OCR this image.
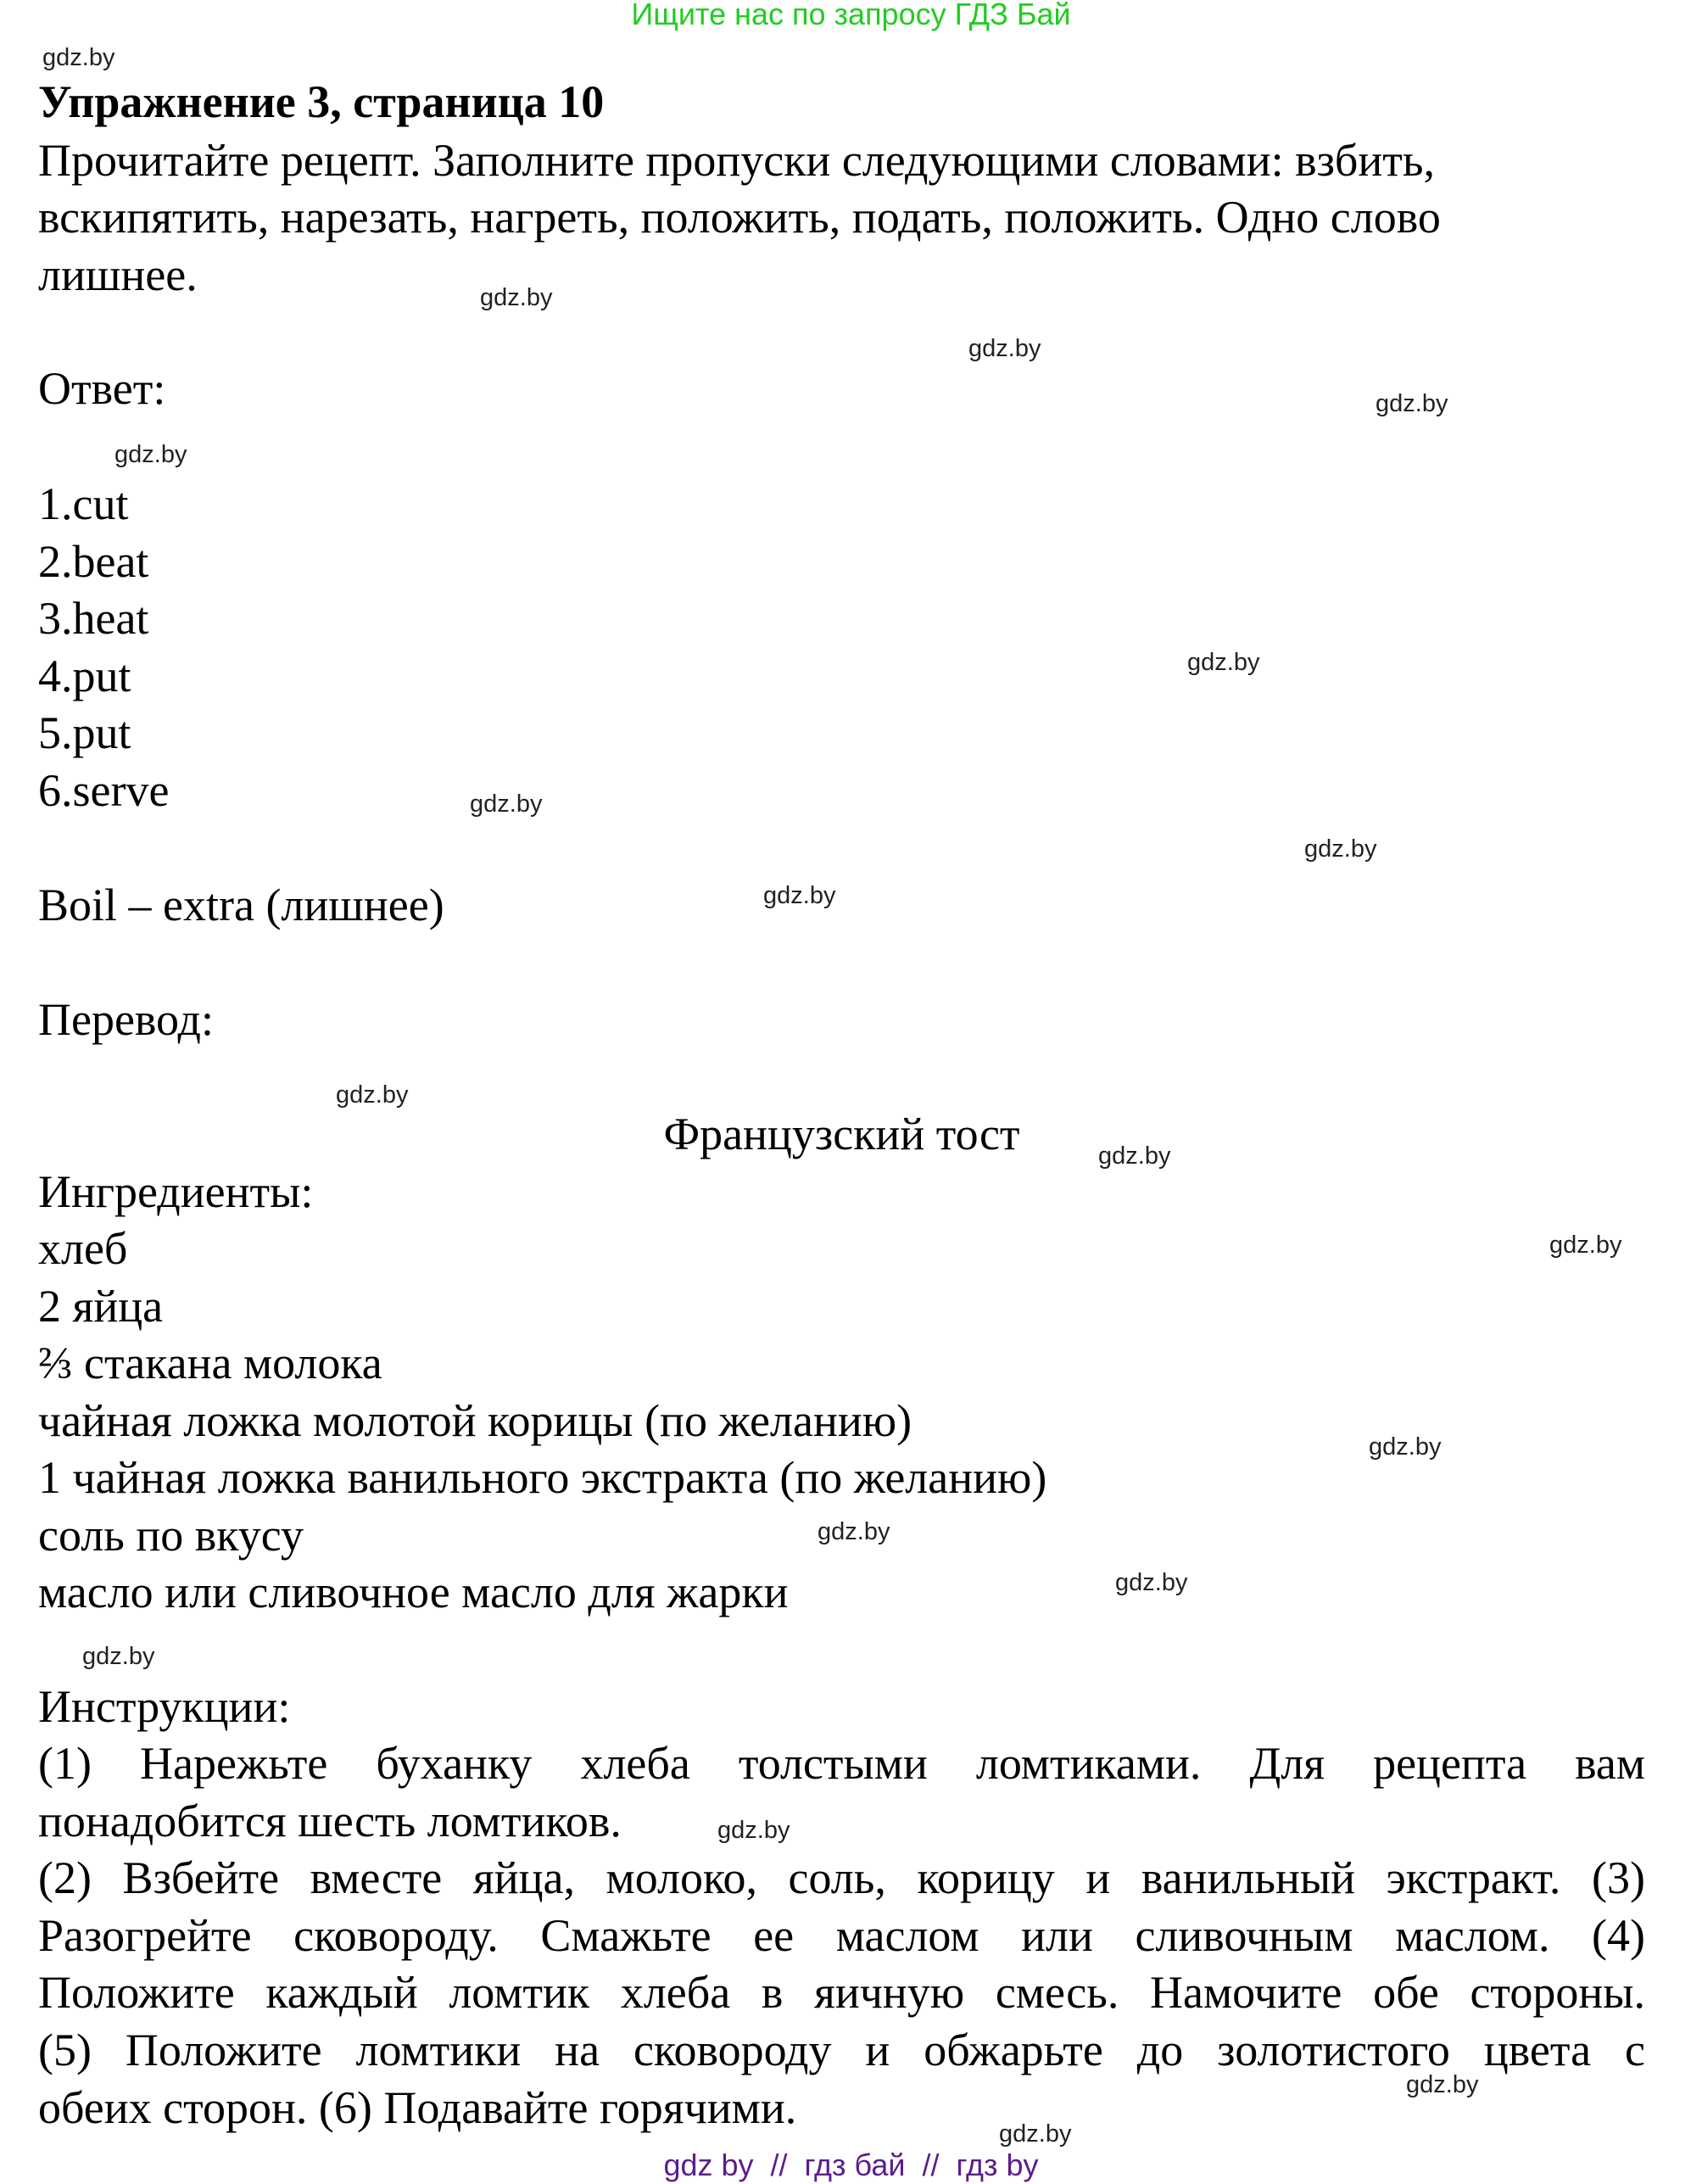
Ищите нас по запросу ГДЗ Бай
gdz.by
gdz.by
gdz.by
gdz.by
gdz.by
gdz.by
gdz.by
gdz.by
gdz.by
gdz.by
gdz.by
gdz.by
gdz.by
gdz.by
gdz.by
gdz.by
gdz.by
gdz.by
gdz.by
Упражнение 3, страница 10
Прочитайте рецепт. Заполните пропуски следующими словами: взбить,
вскипятить, нарезать, нагреть, положить, подать, положить. Одно слово
лишнее.
Ответ:
1.cut
2.beat
3.heat
4.put
5.put
6.serve
Boil – extra (лишнее)
Перевод:
Французский тост
Ингредиенты:
хлеб
2 яйца
⅔ стакана молока
чайная ложка молотой корицы (по желанию)
1 чайная ложка ванильного экстракта (по желанию)
соль по вкусу
масло или сливочное масло для жарки
Инструкции:
(1) Нарежьте буханку хлеба толстыми ломтиками. Для рецепта вам
понадобится шесть ломтиков.
(2) Взбейте вместе яйца, молоко, соль, корицу и ванильный экстракт. (3)
Разогрейте сковороду. Смажьте ее маслом или сливочным маслом. (4)
Положите каждый ломтик хлеба в яичную смесь. Намочите обе стороны.
(5) Положите ломтики на сковороду и обжарьте до золотистого цвета с
обеих сторон. (6) Подавайте горячими.
gdz by  //  гдз бай  //  гдз by
